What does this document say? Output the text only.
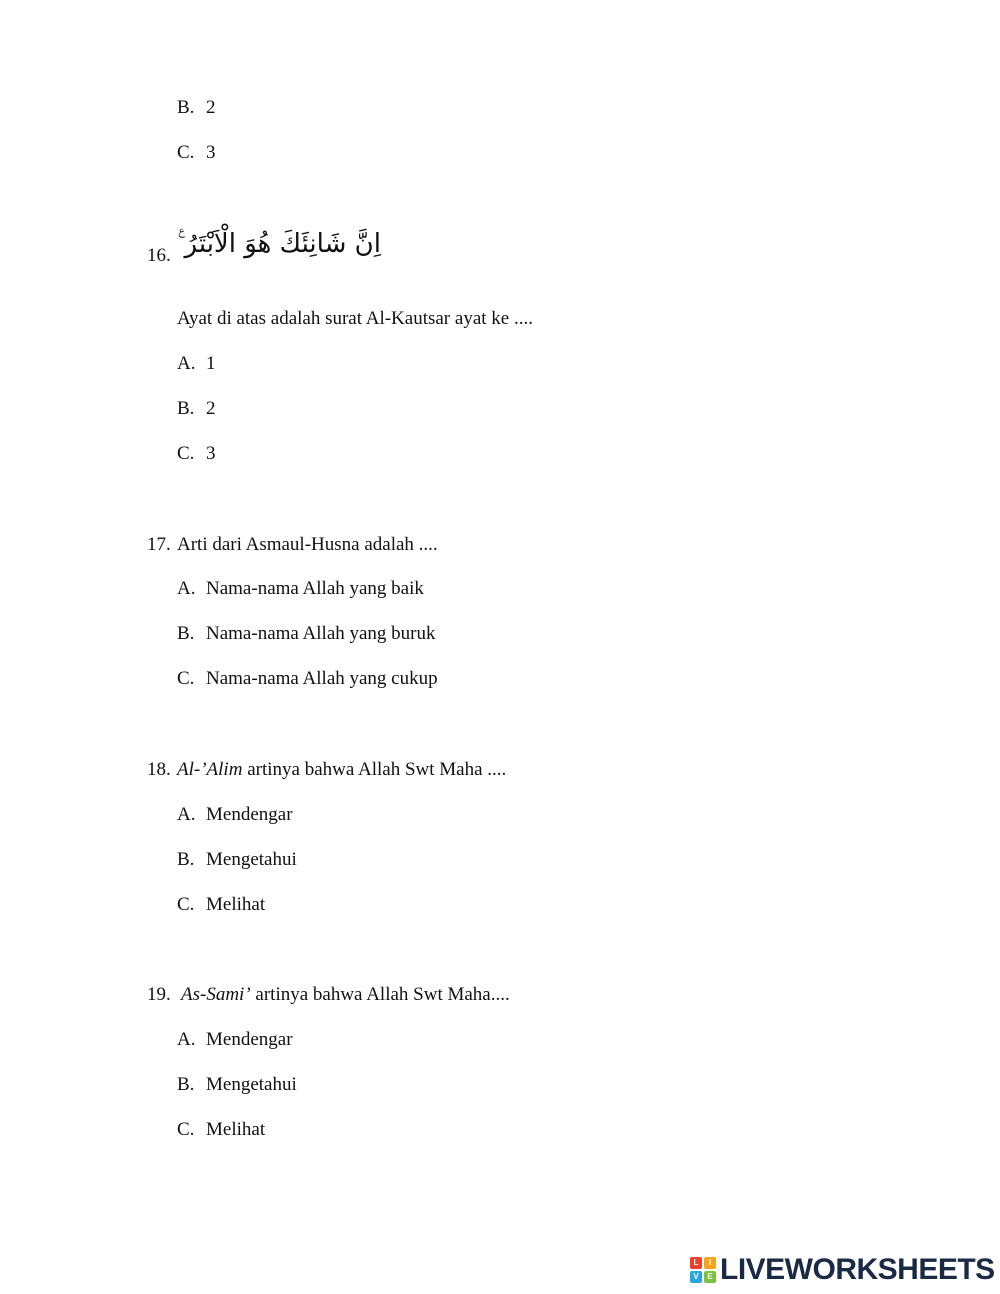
B. 2
C. 3
16. اِنَّ شَانِئَكَ هُوَ الْاَبْتَرُ ࣖ
Ayat di atas adalah surat Al-Kautsar ayat ke ....
A. 1
B. 2
C. 3
17. Arti dari Asmaul-Husna adalah ....
A. Nama-nama Allah yang baik
B. Nama-nama Allah yang buruk
C. Nama-nama Allah yang cukup
18. Al-’Alim artinya bahwa Allah Swt Maha ....
A. Mendengar
B. Mengetahui
C. Melihat
19. As-Sami’ artinya bahwa Allah Swt Maha....
A. Mendengar
B. Mengetahui
C. Melihat
L	I
V	E LIVEWORKSHEETS
